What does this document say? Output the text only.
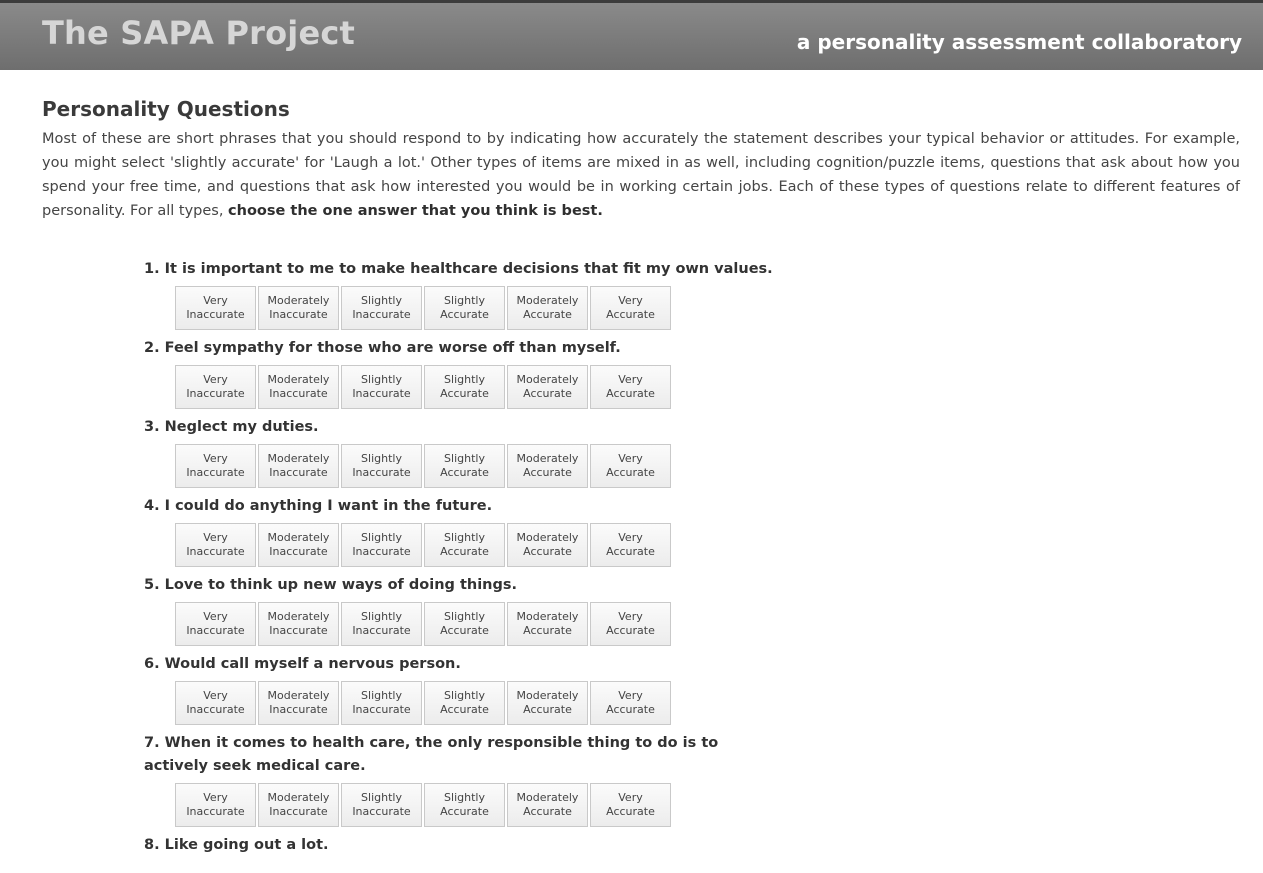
The SAPA Project	a personality assessment collaboratory

Personality Questions

Most of these are short phrases that you should respond to by indicating how accurately the statement describes your typical behavior or attitudes. For example, you might select 'slightly accurate' for 'Laugh a lot.' Other types of items are mixed in as well, including cognition/puzzle items, questions that ask about how you spend your free time, and questions that ask how interested you would be in working certain jobs. Each of these types of questions relate to different features of personality. For all types, choose the one answer that you think is best.

1. It is important to me to make healthcare decisions that fit my own values.

Very
Inaccurate
Moderately
Inaccurate
Slightly
Inaccurate
Slightly
Accurate
Moderately
Accurate
Very
Accurate

2. Feel sympathy for those who are worse off than myself.

Very
Inaccurate
Moderately
Inaccurate
Slightly
Inaccurate
Slightly
Accurate
Moderately
Accurate
Very
Accurate

3. Neglect my duties.

Very
Inaccurate
Moderately
Inaccurate
Slightly
Inaccurate
Slightly
Accurate
Moderately
Accurate
Very
Accurate

4. I could do anything I want in the future.

Very
Inaccurate
Moderately
Inaccurate
Slightly
Inaccurate
Slightly
Accurate
Moderately
Accurate
Very
Accurate

5. Love to think up new ways of doing things.

Very
Inaccurate
Moderately
Inaccurate
Slightly
Inaccurate
Slightly
Accurate
Moderately
Accurate
Very
Accurate

6. Would call myself a nervous person.

Very
Inaccurate
Moderately
Inaccurate
Slightly
Inaccurate
Slightly
Accurate
Moderately
Accurate
Very
Accurate

7. When it comes to health care, the only responsible thing to do is to actively seek medical care.

Very
Inaccurate
Moderately
Inaccurate
Slightly
Inaccurate
Slightly
Accurate
Moderately
Accurate
Very
Accurate

8. Like going out a lot.
